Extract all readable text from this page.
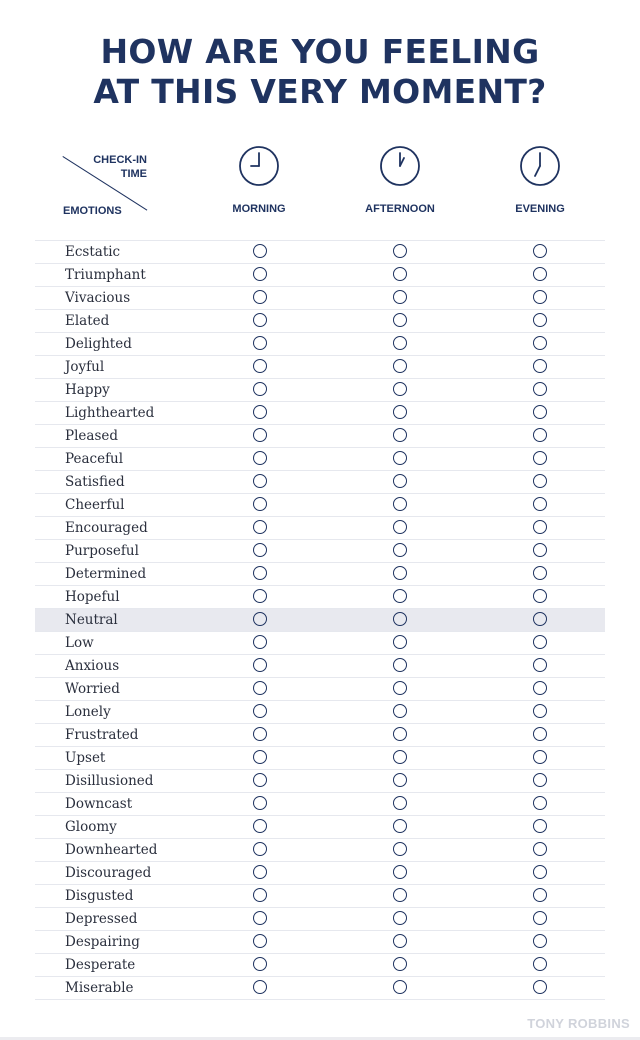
HOW ARE YOU FEELING
AT THIS VERY MOMENT?
CHECK-IN
TIME
EMOTIONS	MORNING	AFTERNOON	EVENING
Ecstatic
Triumphant
Vivacious
Elated
Delighted
Joyful
Happy
Lighthearted
Pleased
Peaceful
Satisfied
Cheerful
Encouraged
Purposeful
Determined
Hopeful
Neutral
Low
Anxious
Worried
Lonely
Frustrated
Upset
Disillusioned
Downcast
Gloomy
Downhearted
Discouraged
Disgusted
Depressed
Despairing
Desperate
Miserable
TONY ROBBINS
